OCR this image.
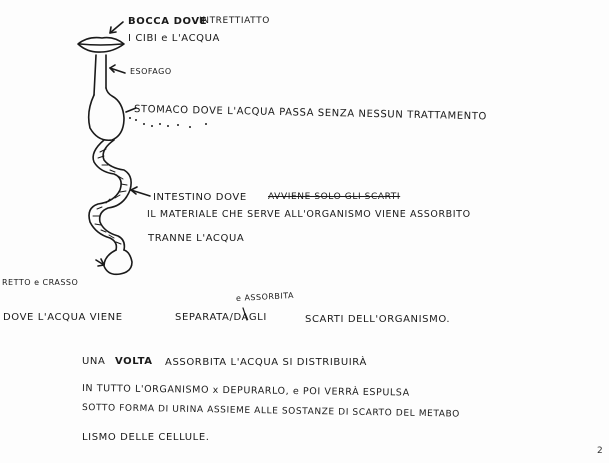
BOCCA DOVE
INTRETTIATTO
I CIBI e L'ACQUA
ESOFAGO
STOMACO DOVE L'ACQUA PASSA SENZA NESSUN TRATTAMENTO
INTESTINO DOVE AVVIENE SOLO GLI SCARTI
IL MATERIALE CHE SERVE ALL'ORGANISMO VIENE ASSORBITO
TRANNE L'ACQUA
RETTO e CRASSO
e ASSORBITA
DOVE L'ACQUA VIENE	SEPARATA/DAGLI	SCARTI DELL'ORGANISMO.
UNA VOLTA ASSORBITA L'ACQUA SI DISTRIBUIRÀ
IN TUTTO L'ORGANISMO x DEPURARLO, e POI VERRÀ ESPULSA
SOTTO FORMA DI URINA ASSIEME ALLE SOSTANZE DI SCARTO DEL METABO
LISMO DELLE CELLULE.
2
